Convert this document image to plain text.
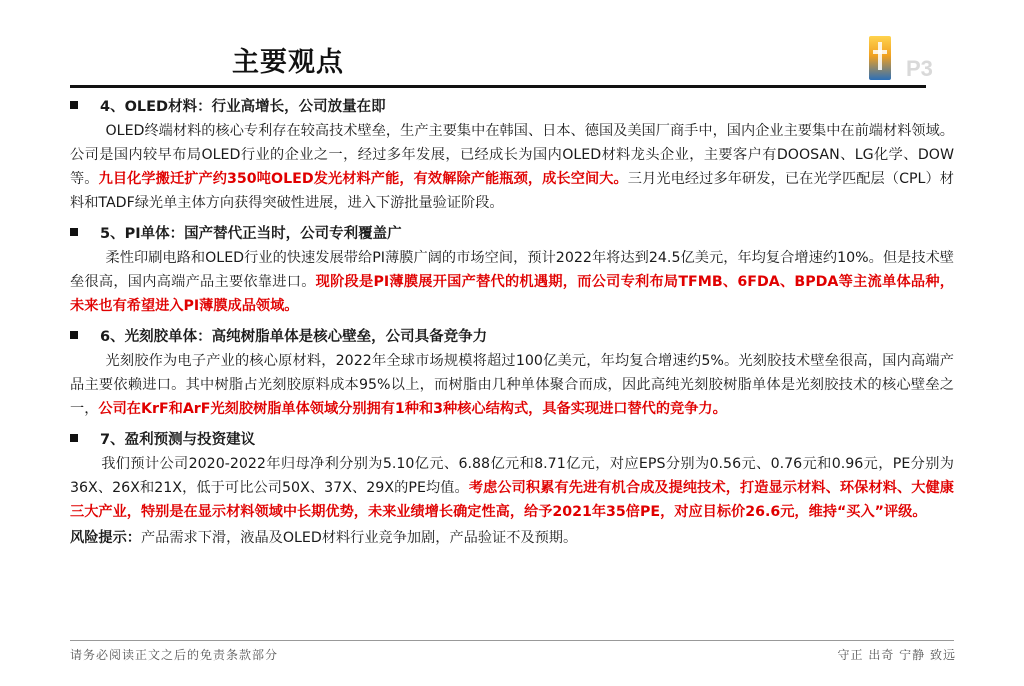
主要观点	P3
4、OLED材料：行业高增长，公司放量在即

OLED终端材料的核心专利存在较高技术壁垒，生产主要集中在韩国、日本、德国及美国厂商手中，国内企业主要集中在前端材料领域。公司是国内较早布局OLED行业的企业之一，经过多年发展，已经成长为国内OLED材料龙头企业，主要客户有DOOSAN、LG化学、DOW等。九目化学搬迁扩产约350吨OLED发光材料产能，有效解除产能瓶颈，成长空间大。三月光电经过多年研发，已在光学匹配层（CPL）材料和TADF绿光单主体方向获得突破性进展，进入下游批量验证阶段。

5、PI单体：国产替代正当时，公司专利覆盖广

柔性印刷电路和OLED行业的快速发展带给PI薄膜广阔的市场空间，预计2022年将达到24.5亿美元，年均复合增速约10%。但是技术壁垒很高，国内高端产品主要依靠进口。现阶段是PI薄膜展开国产替代的机遇期，而公司专利布局TFMB、6FDA、BPDA等主流单体品种，未来也有希望进入PI薄膜成品领域。

6、光刻胶单体：高纯树脂单体是核心壁垒，公司具备竞争力

光刻胶作为电子产业的核心原材料，2022年全球市场规模将超过100亿美元，年均复合增速约5%。光刻胶技术壁垒很高，国内高端产品主要依赖进口。其中树脂占光刻胶原料成本95%以上，而树脂由几种单体聚合而成，因此高纯光刻胶树脂单体是光刻胶技术的核心壁垒之一，公司在KrF和ArF光刻胶树脂单体领域分别拥有1种和3种核心结构式，具备实现进口替代的竞争力。

7、盈利预测与投资建议

我们预计公司2020-2022年归母净利分别为5.10亿元、6.88亿元和8.71亿元，对应EPS分别为0.56元、0.76元和0.96元，PE分别为36X、26X和21X，低于可比公司50X、37X、29X的PE均值。考虑公司积累有先进有机合成及提纯技术，打造显示材料、环保材料、大健康三大产业，特别是在显示材料领域中长期优势，未来业绩增长确定性高，给予2021年35倍PE，对应目标价26.6元，维持“买入”评级。

风险提示：产品需求下滑，液晶及OLED材料行业竞争加剧，产品验证不及预期。

请务必阅读正文之后的免责条款部分	守正 出奇 宁静 致远
